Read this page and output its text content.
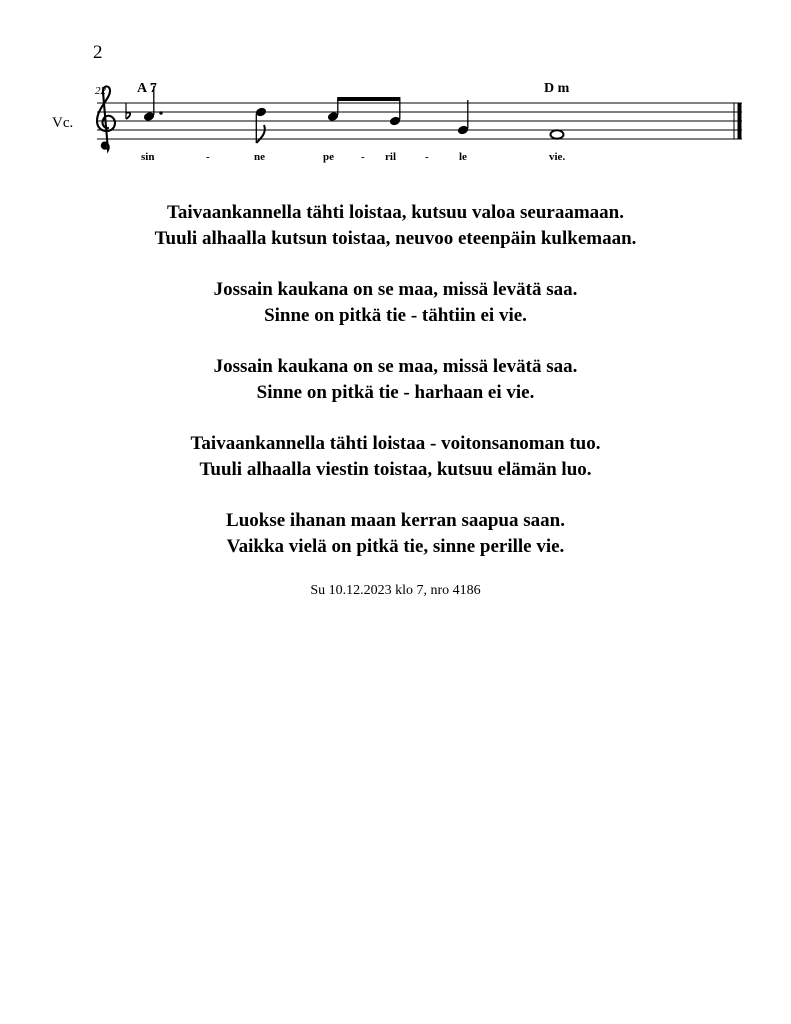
2
22
Vc.
A 7	D m
sin	-	ne	pe - ril	-	le	vie.
Taivaankannella tähti loistaa, kutsuu valoa seuraamaan.
Tuuli alhaalla kutsun toistaa, neuvoo eteenpäin kulkemaan.
Jossain kaukana on se maa, missä levätä saa.
Sinne on pitkä tie - tähtiin ei vie.
Jossain kaukana on se maa, missä levätä saa.
Sinne on pitkä tie - harhaan ei vie.
Taivaankannella tähti loistaa - voitonsanoman tuo.
Tuuli alhaalla viestin toistaa, kutsuu elämän luo.
Luokse ihanan maan kerran saapua saan.
Vaikka vielä on pitkä tie, sinne perille vie.
Su 10.12.2023 klo 7, nro 4186
